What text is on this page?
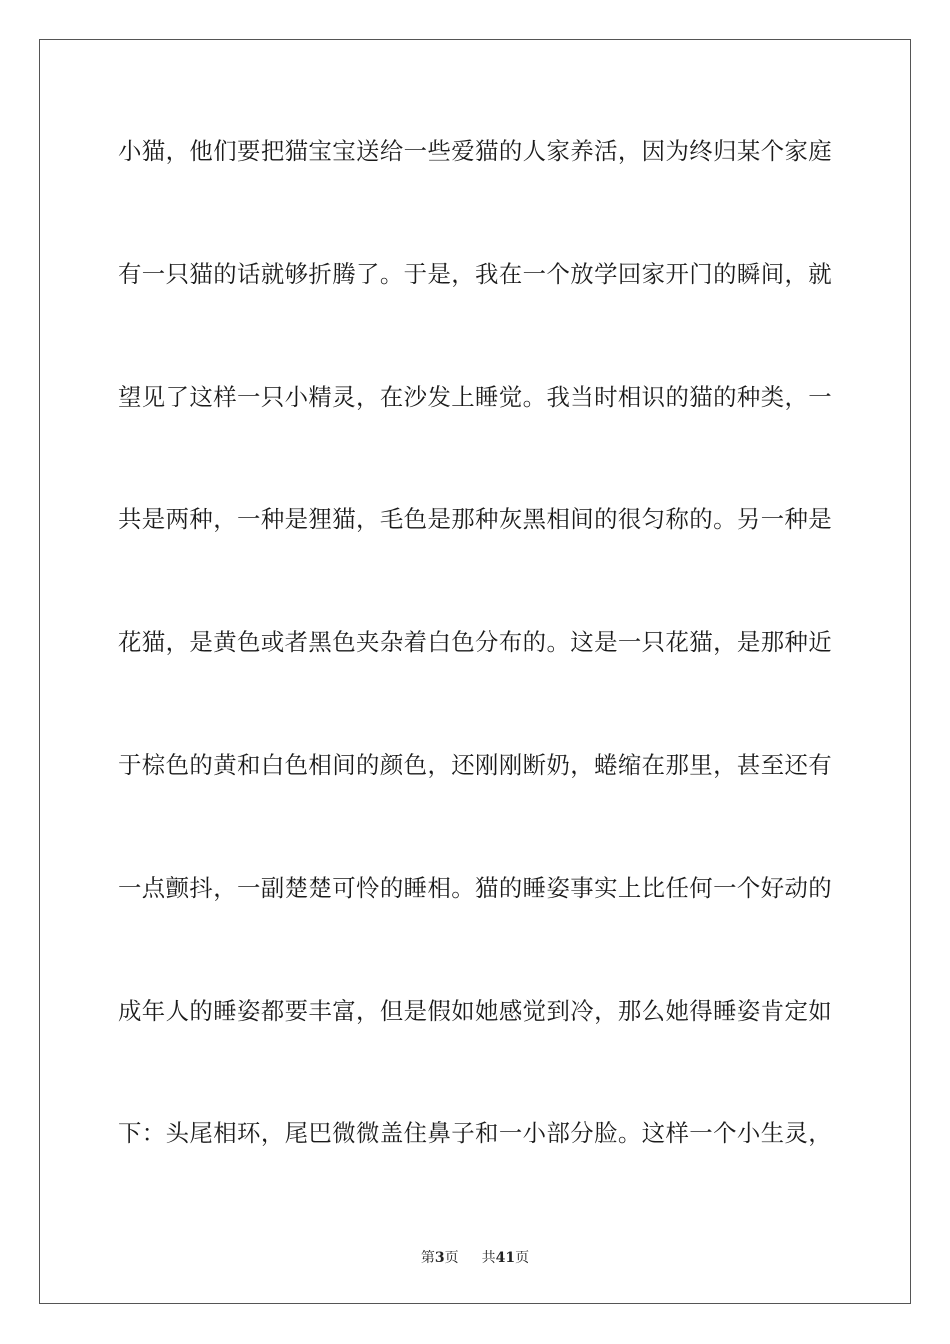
小猫，他们要把猫宝宝送给一些爱猫的人家养活，因为终归某个家庭
有一只猫的话就够折腾了。于是，我在一个放学回家开门的瞬间，就
望见了这样一只小精灵，在沙发上睡觉。我当时相识的猫的种类，一
共是两种，一种是狸猫，毛色是那种灰黑相间的很匀称的。另一种是
花猫，是黄色或者黑色夹杂着白色分布的。这是一只花猫，是那种近
于棕色的黄和白色相间的颜色，还刚刚断奶，蜷缩在那里，甚至还有
一点颤抖，一副楚楚可怜的睡相。猫的睡姿事实上比任何一个好动的
成年人的睡姿都要丰富，但是假如她感觉到冷，那么她得睡姿肯定如
下：头尾相环，尾巴微微盖住鼻子和一小部分脸。这样一个小生灵，
第3页 共41页
